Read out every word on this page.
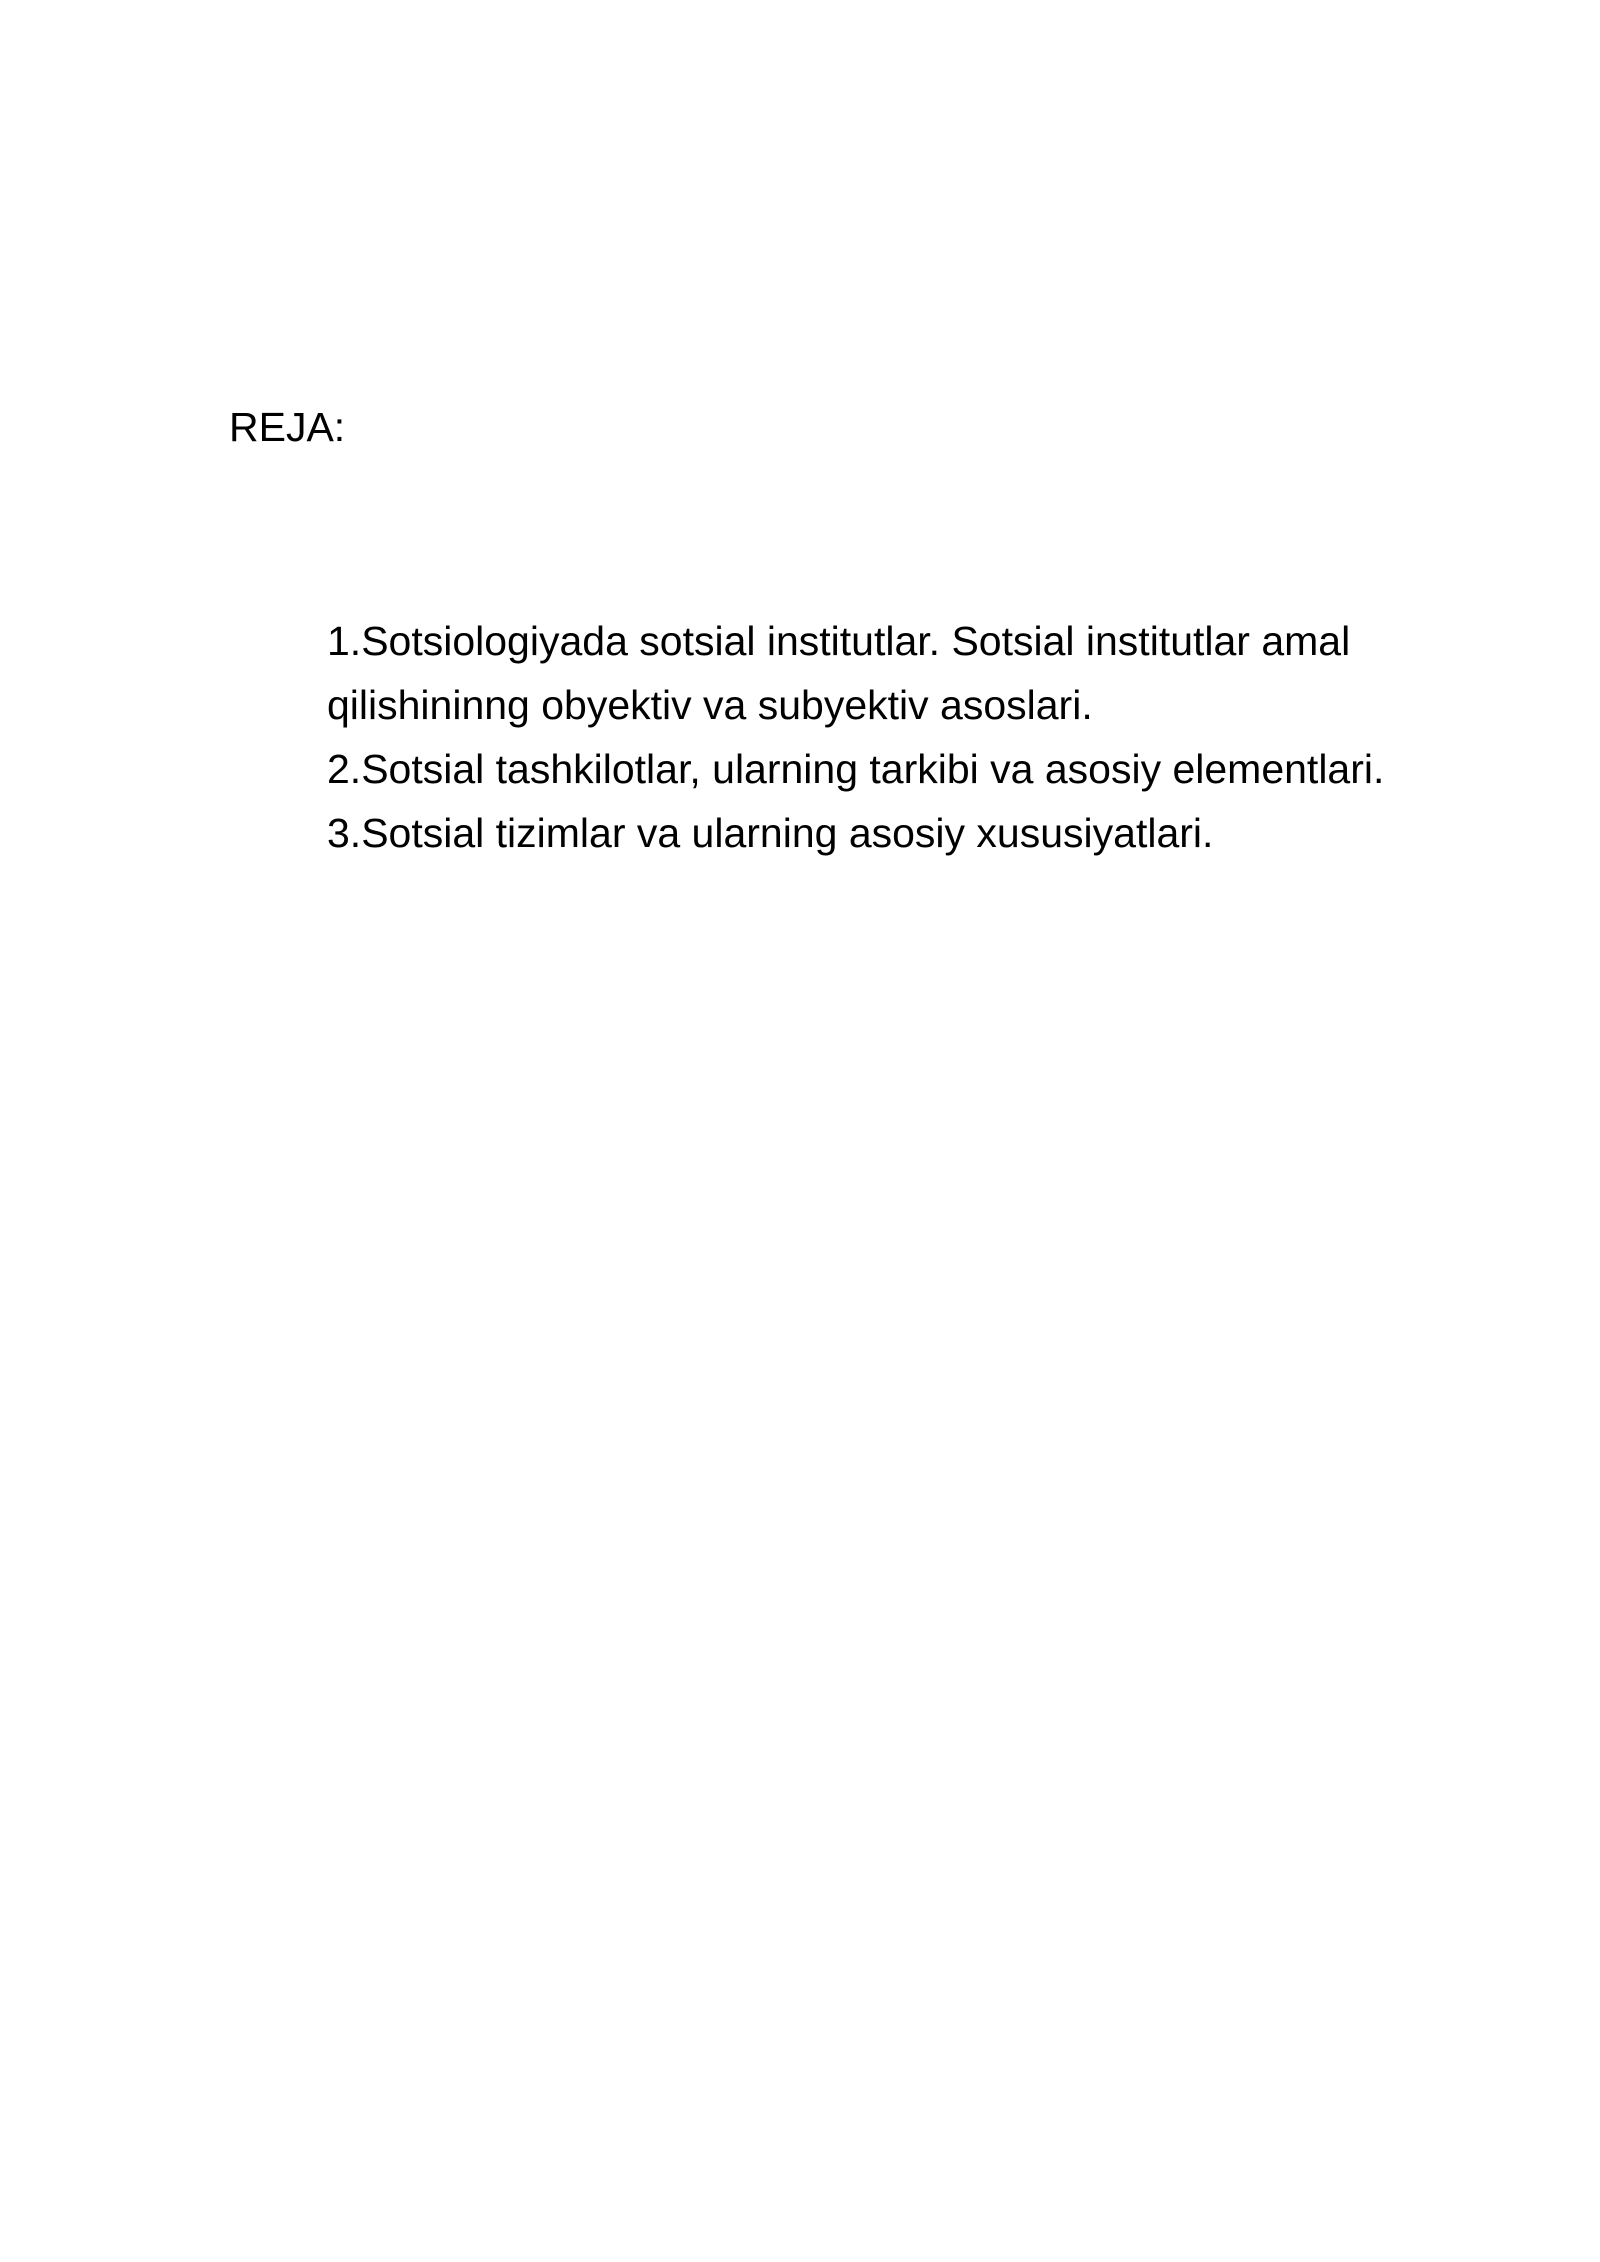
REJA:
1.Sotsiologiyada sotsial institutlar. Sotsial institutlar amal qilishininng obyektiv va subyektiv asoslari.
2.Sotsial tashkilotlar, ularning tarkibi va asosiy elementlari.
3.Sotsial tizimlar va ularning asosiy xususiyatlari.
